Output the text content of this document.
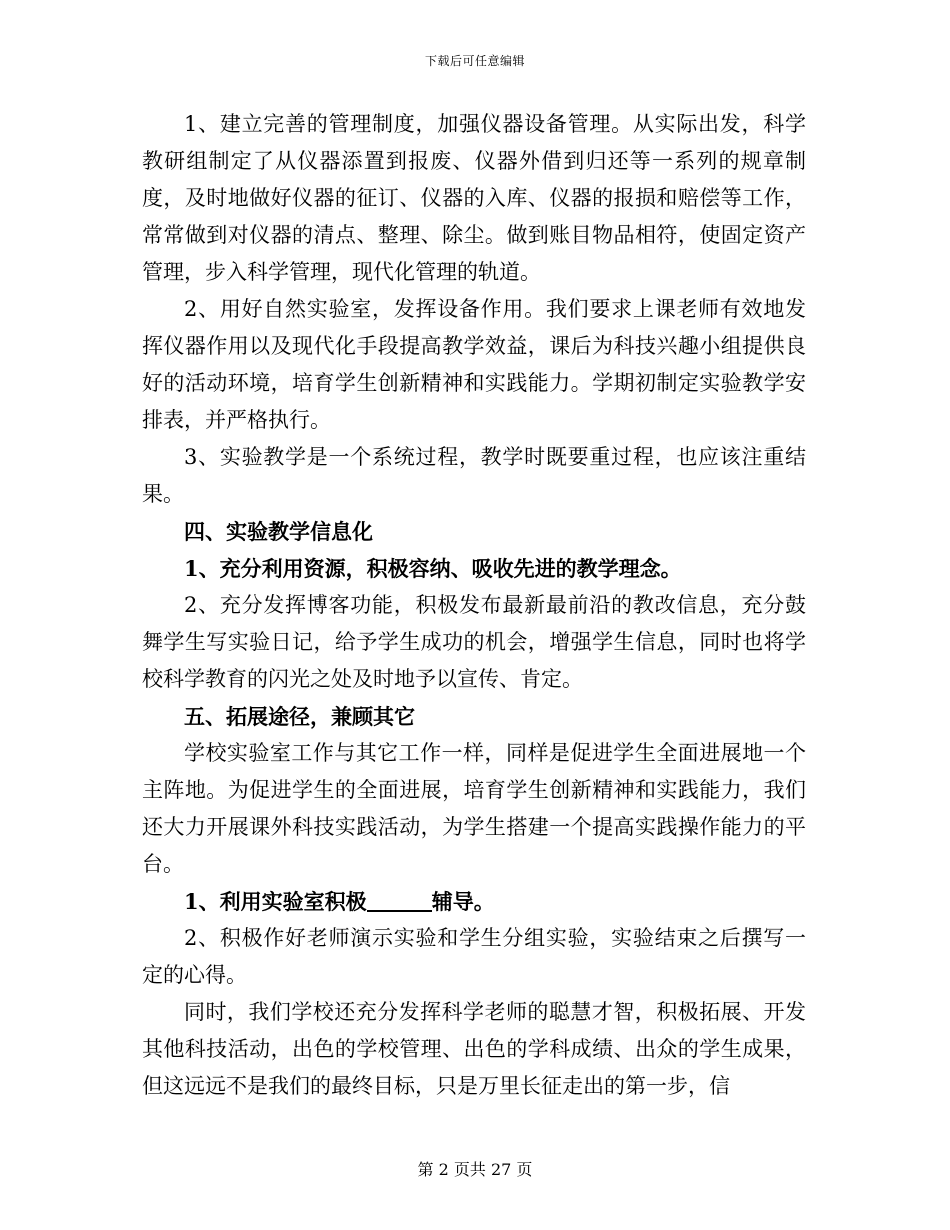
下载后可任意编辑

1、建立完善的管理制度，加强仪器设备管理。从实际出发，科学教研组制定了从仪器添置到报废、仪器外借到归还等一系列的规章制度，及时地做好仪器的征订、仪器的入库、仪器的报损和赔偿等工作，常常做到对仪器的清点、整理、除尘。做到账目物品相符，使固定资产管理，步入科学管理，现代化管理的轨道。

2、用好自然实验室，发挥设备作用。我们要求上课老师有效地发挥仪器作用以及现代化手段提高教学效益，课后为科技兴趣小组提供良好的活动环境，培育学生创新精神和实践能力。学期初制定实验教学安排表，并严格执行。

3、实验教学是一个系统过程，教学时既要重过程，也应该注重结果。

四、实验教学信息化

1、充分利用资源，积极容纳、吸收先进的教学理念。

2、充分发挥博客功能，积极发布最新最前沿的教改信息，充分鼓舞学生写实验日记，给予学生成功的机会，增强学生信息，同时也将学校科学教育的闪光之处及时地予以宣传、肯定。

五、拓展途径，兼顾其它

学校实验室工作与其它工作一样，同样是促进学生全面进展地一个主阵地。为促进学生的全面进展，培育学生创新精神和实践能力，我们还大力开展课外科技实践活动，为学生搭建一个提高实践操作能力的平台。

1、利用实验室积极	辅导。

2、积极作好老师演示实验和学生分组实验，实验结束之后撰写一定的心得。

同时，我们学校还充分发挥科学老师的聪慧才智，积极拓展、开发其他科技活动，出色的学校管理、出色的学科成绩、出众的学生成果，但这远远不是我们的最终目标，只是万里长征走出的第一步，信

第 2 页共 27 页
